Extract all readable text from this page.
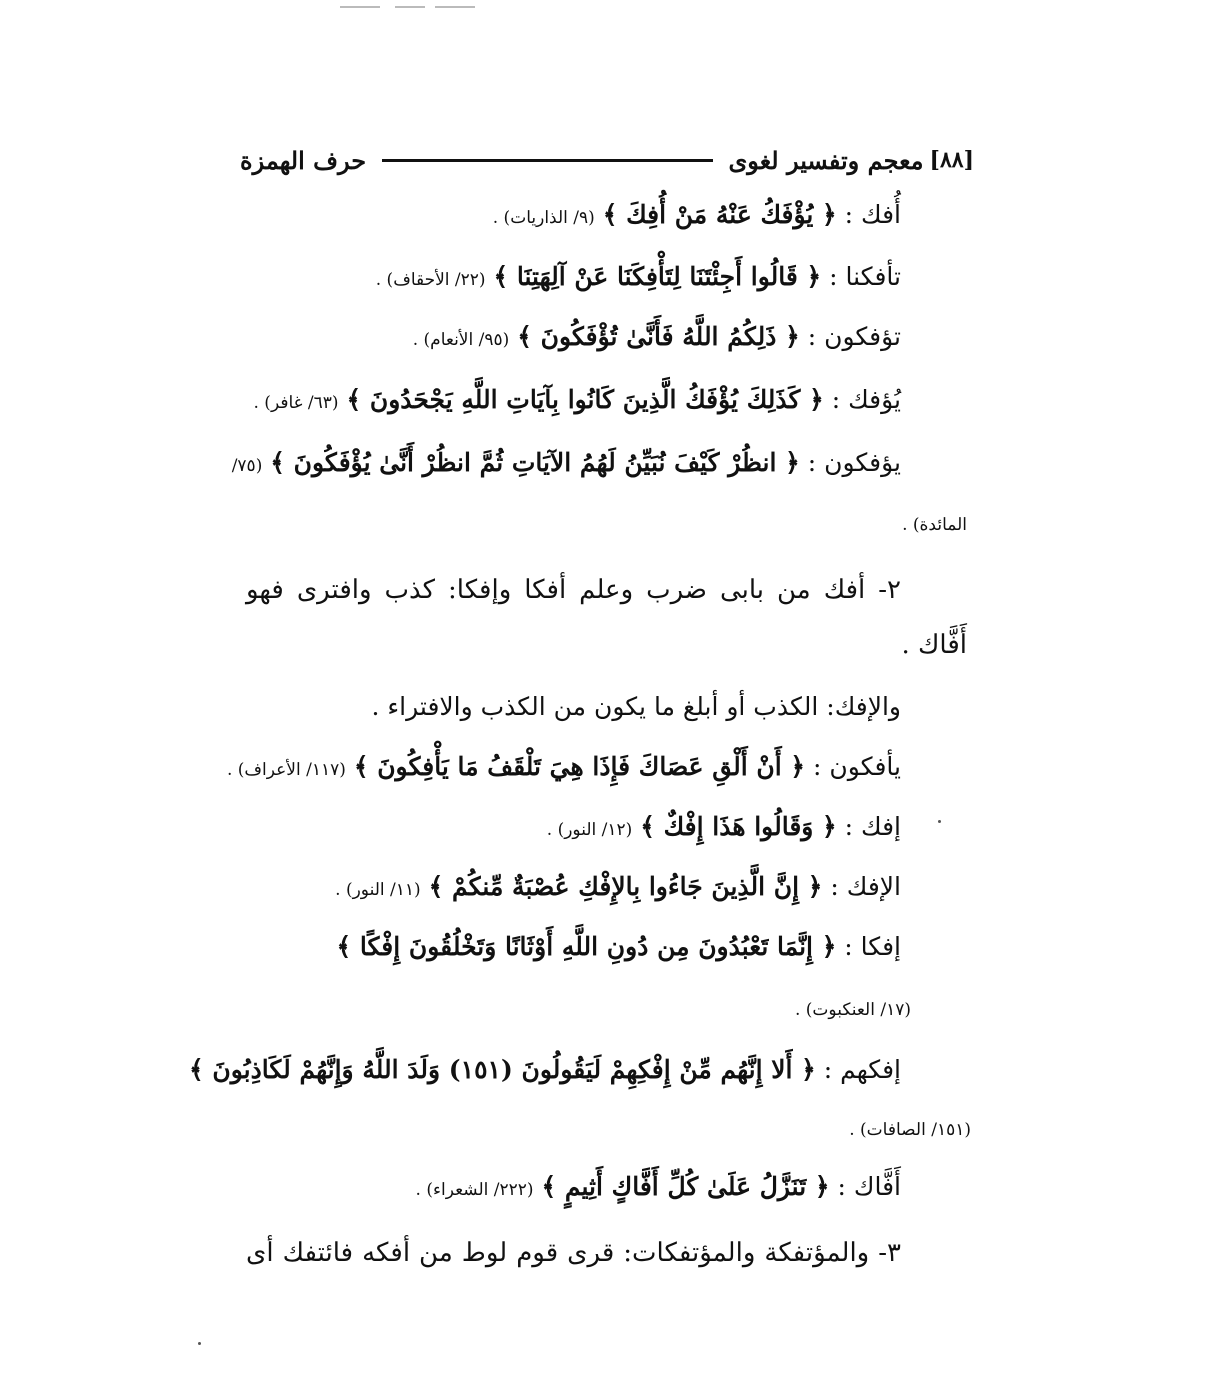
[٨٨]
معجم وتفسير لغوى
حرف الهمزة
أُفك : ﴿ يُؤْفَكُ عَنْهُ مَنْ أُفِكَ ﴾ (٩/ الذاريات) .
تأفكنا : ﴿ قَالُوا أَجِئْتَنَا لِتَأْفِكَنَا عَنْ آلِهَتِنَا ﴾ (٢٢/ الأحقاف) .
تؤفكون : ﴿ ذَلِكُمُ اللَّهُ فَأَنَّىٰ تُؤْفَكُونَ ﴾ (٩٥/ الأنعام) .
يُؤفك : ﴿ كَذَلِكَ يُؤْفَكُ الَّذِينَ كَانُوا بِآيَاتِ اللَّهِ يَجْحَدُونَ ﴾ (٦٣/ غافر) .
يؤفكون : ﴿ انظُرْ كَيْفَ نُبَيِّنُ لَهُمُ الآيَاتِ ثُمَّ انظُرْ أَنَّىٰ يُؤْفَكُونَ ﴾ (٧٥/
المائدة) .
٢- أفك من بابى ضرب وعلم أفكا وإفكا: كذب وافترى فهو
أَفَّاك .
والإفك: الكذب أو أبلغ ما يكون من الكذب والافتراء .
يأفكون : ﴿ أَنْ أَلْقِ عَصَاكَ فَإِذَا هِيَ تَلْقَفُ مَا يَأْفِكُونَ ﴾ (١١٧/ الأعراف) .
إفك : ﴿ وَقَالُوا هَذَا إِفْكٌ ﴾ (١٢/ النور) .
الإفك : ﴿ إِنَّ الَّذِينَ جَاءُوا بِالإِفْكِ عُصْبَةٌ مِّنكُمْ ﴾ (١١/ النور) .
إفكا : ﴿ إِنَّمَا تَعْبُدُونَ مِن دُونِ اللَّهِ أَوْثَانًا وَتَخْلُقُونَ إِفْكًا ﴾
(١٧/ العنكبوت) .
إفكهم : ﴿ أَلا إِنَّهُم مِّنْ إِفْكِهِمْ لَيَقُولُونَ (١٥١) وَلَدَ اللَّهُ وَإِنَّهُمْ لَكَاذِبُونَ ﴾
(١٥١/ الصافات) .
أَفَّاك : ﴿ تَنَزَّلُ عَلَىٰ كُلِّ أَفَّاكٍ أَثِيمٍ ﴾ (٢٢٢/ الشعراء) .
٣- والمؤتفكة والمؤتفكات: قرى قوم لوط من أفكه فائتفك أى
